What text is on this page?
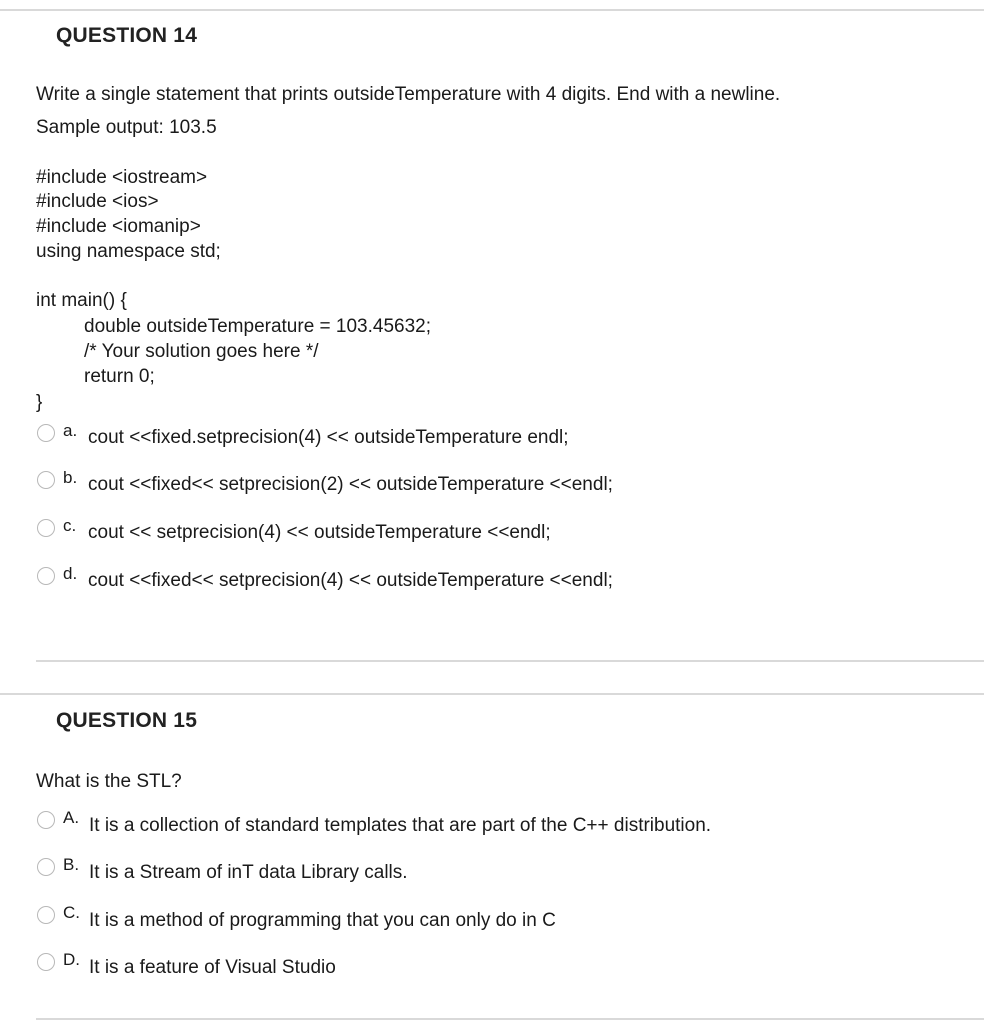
QUESTION 14
Write a single statement that prints outsideTemperature with 4 digits. End with a newline.
Sample output: 103.5
#include <iostream>
#include <ios>
#include <iomanip>
using namespace std;
int main() {
double outsideTemperature = 103.45632;
/* Your solution goes here */
return 0;
}
a. cout <<fixed.setprecision(4) << outsideTemperature endl;
b. cout <<fixed<< setprecision(2) << outsideTemperature <<endl;
c. cout << setprecision(4) << outsideTemperature <<endl;
d. cout <<fixed<< setprecision(4) << outsideTemperature <<endl;
QUESTION 15
What is the STL?
A. It is a collection of standard templates that are part of the C++ distribution.
B. It is a Stream of inT data Library calls.
C. It is a method of programming that you can only do in C
D. It is a feature of Visual Studio
